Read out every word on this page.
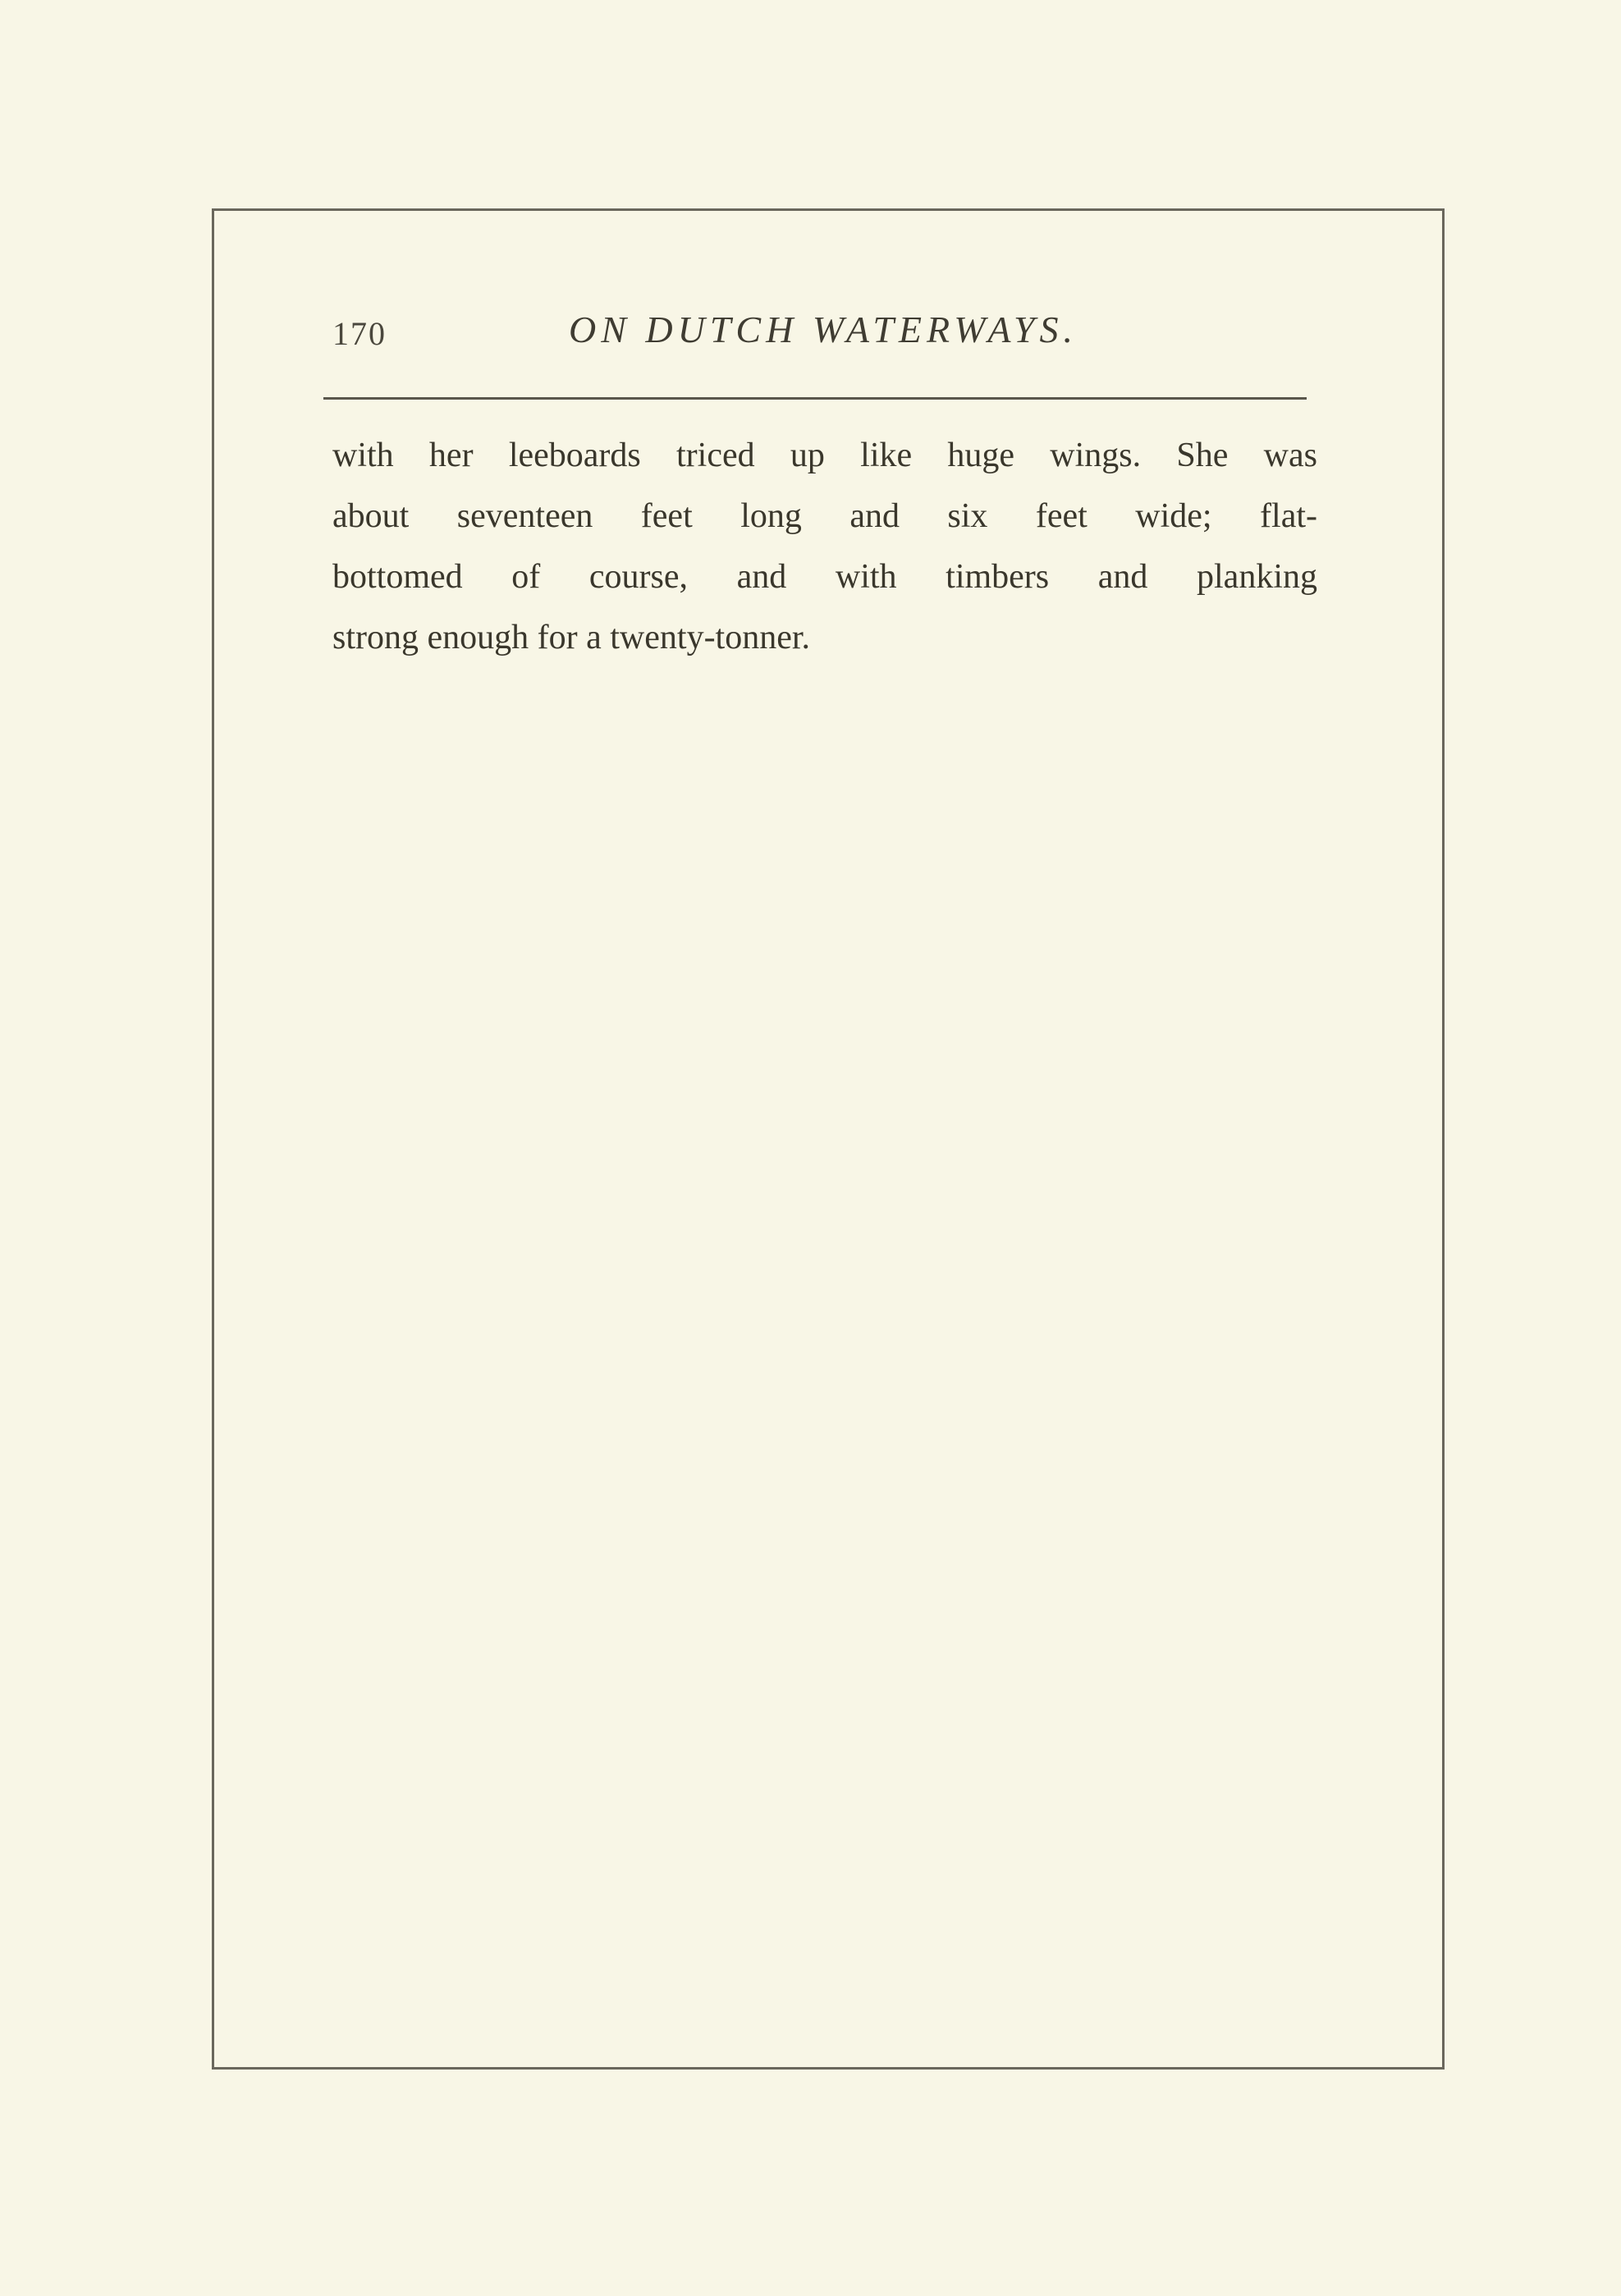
170	ON DUTCH WATERWAYS.
with her leeboards triced up like huge wings. She was
about seventeen feet long and six feet wide; flat-
bottomed of course, and with timbers and planking
strong enough for a twenty-tonner.
